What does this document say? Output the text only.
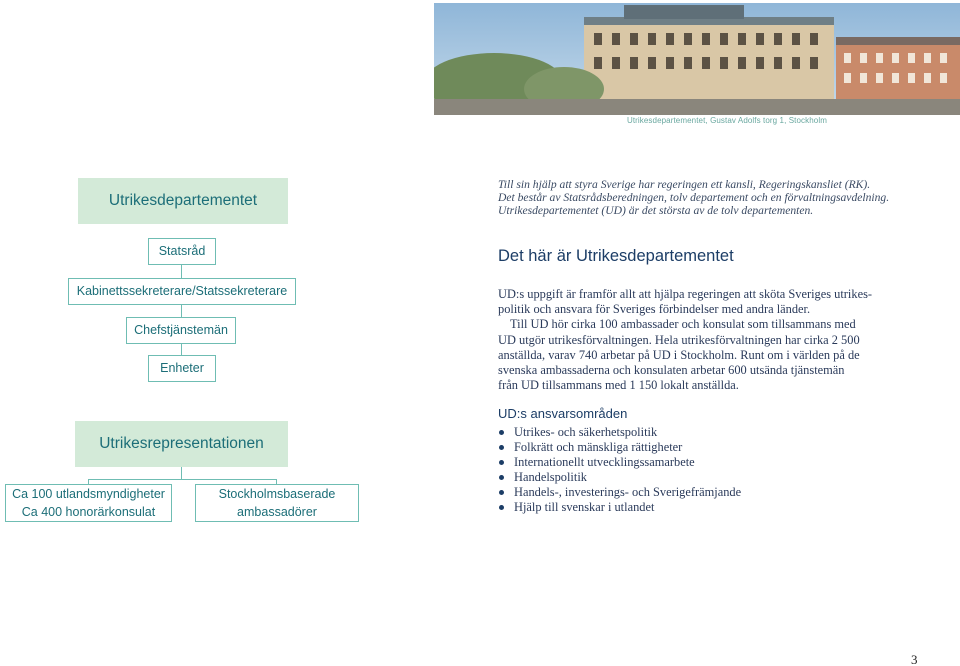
Utrikesdepartementet, Gustav Adolfs torg 1, Stockholm
Utrikesdepartementet
Statsråd
Kabinettssekreterare/Statssekreterare
Chefstjänstemän
Enheter
Utrikesrepresentationen
Ca 100 utlandsmyndigheter
Ca 400 honorärkonsulat
Stockholmsbaserade
ambassadörer
Till sin hjälp att styra Sverige har regeringen ett kansli, Regeringskansliet (RK).
Det består av Statsrådsberedningen, tolv departement och en förvaltningsavdelning.
Utrikesdepartementet (UD) är det största av de tolv departementen.
Det här är Utrikesdepartementet
UD:s uppgift är framför allt att hjälpa regeringen att sköta Sveriges utrikes-
politik och ansvara för Sveriges förbindelser med andra länder.
Till UD hör cirka 100 ambassader och konsulat som tillsammans med
UD utgör utrikesförvaltningen. Hela utrikesförvaltningen har cirka 2 500
anställda, varav 740 arbetar på UD i Stockholm. Runt om i världen på de
svenska ambassaderna och konsulaten arbetar 600 utsända tjänstemän
från UD tillsammans med 1 150 lokalt anställda.
UD:s ansvarsområden
Utrikes- och säkerhetspolitik
Folkrätt och mänskliga rättigheter
Internationellt utvecklingssamarbete
Handelspolitik
Handels-, investerings- och Sverigefrämjande
Hjälp till svenskar i utlandet
3
